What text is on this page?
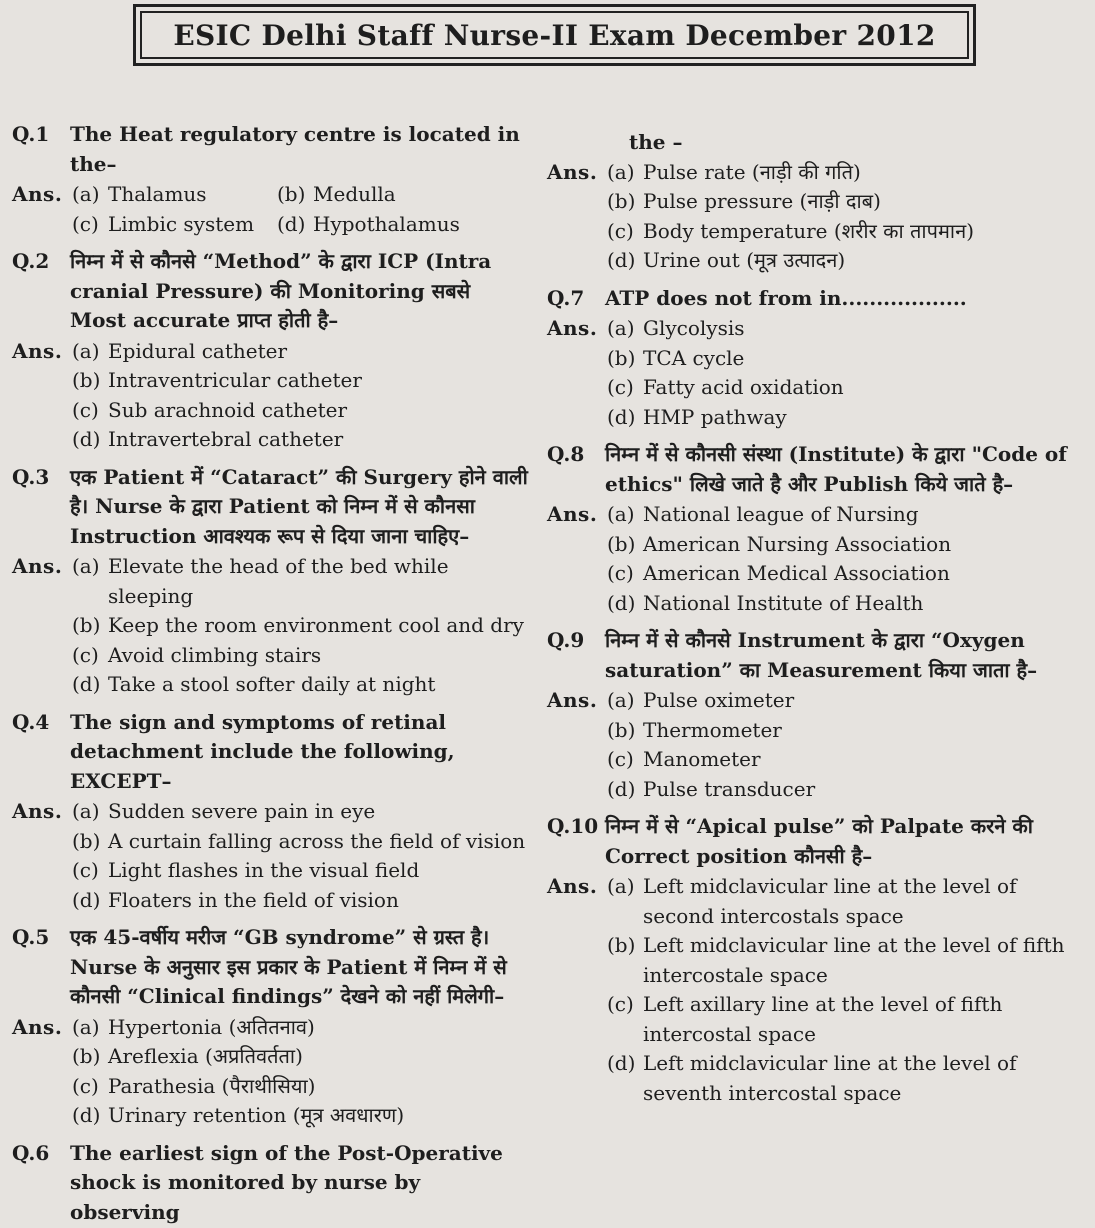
ESIC Delhi Staff Nurse-II Exam December 2012
Q.1	The Heat regulatory centre is located in the–
Ans. (a) Thalamus	(b) Medulla
(c) Limbic system	(d) Hypothalamus
Q.2	निम्न में से कौनसे “Method” के द्वारा ICP (Intra cranial Pressure) की Monitoring सबसे Most accurate प्राप्त होती है–
Ans. (a) Epidural catheter
(b) Intraventricular catheter
(c) Sub arachnoid catheter
(d) Intravertebral catheter
Q.3	एक Patient में “Cataract” की Surgery होने वाली है। Nurse के द्वारा Patient को निम्न में से कौनसा Instruction आवश्यक रूप से दिया जाना चाहिए–
Ans. (a) Elevate the head of the bed while sleeping
(b) Keep the room environment cool and dry
(c) Avoid climbing stairs
(d) Take a stool softer daily at night
Q.4	The sign and symptoms of retinal detachment include the following, EXCEPT–
Ans. (a) Sudden severe pain in eye
(b) A curtain falling across the field of vision
(c) Light flashes in the visual field
(d) Floaters in the field of vision
Q.5	एक 45-वर्षीय मरीज “GB syndrome” से ग्रस्त है। Nurse के अनुसार इस प्रकार के Patient में निम्न में से कौनसी “Clinical findings” देखने को नहीं मिलेगी–
Ans. (a) Hypertonia (अतितनाव)
(b) Areflexia (अप्रतिवर्तता)
(c) Parathesia (पैराथीसिया)
(d) Urinary retention (मूत्र अवधारण)
Q.6	The earliest sign of the Post-Operative shock is monitored by nurse by observing
the –
Ans. (a) Pulse rate (नाड़ी की गति)
(b) Pulse pressure (नाड़ी दाब)
(c) Body temperature (शरीर का तापमान)
(d) Urine out (मूत्र उत्पादन)
Q.7	ATP does not from in..................
Ans. (a) Glycolysis
(b) TCA cycle
(c) Fatty acid oxidation
(d) HMP pathway
Q.8	निम्न में से कौनसी संस्था (Institute) के द्वारा "Code of ethics" लिखे जाते है और Publish किये जाते है–
Ans. (a) National league of Nursing
(b) American Nursing Association
(c) American Medical Association
(d) National Institute of Health
Q.9	निम्न में से कौनसे Instrument के द्वारा “Oxygen saturation” का Measurement किया जाता है–
Ans. (a) Pulse oximeter
(b) Thermometer
(c) Manometer
(d) Pulse transducer
Q.10 निम्न में से “Apical pulse” को Palpate करने की Correct position कौनसी है–
Ans. (a) Left midclavicular line at the level of second intercostals space
(b) Left midclavicular line at the level of fifth intercostale space
(c) Left axillary line at the level of fifth intercostal space
(d) Left midclavicular line at the level of seventh intercostal space
